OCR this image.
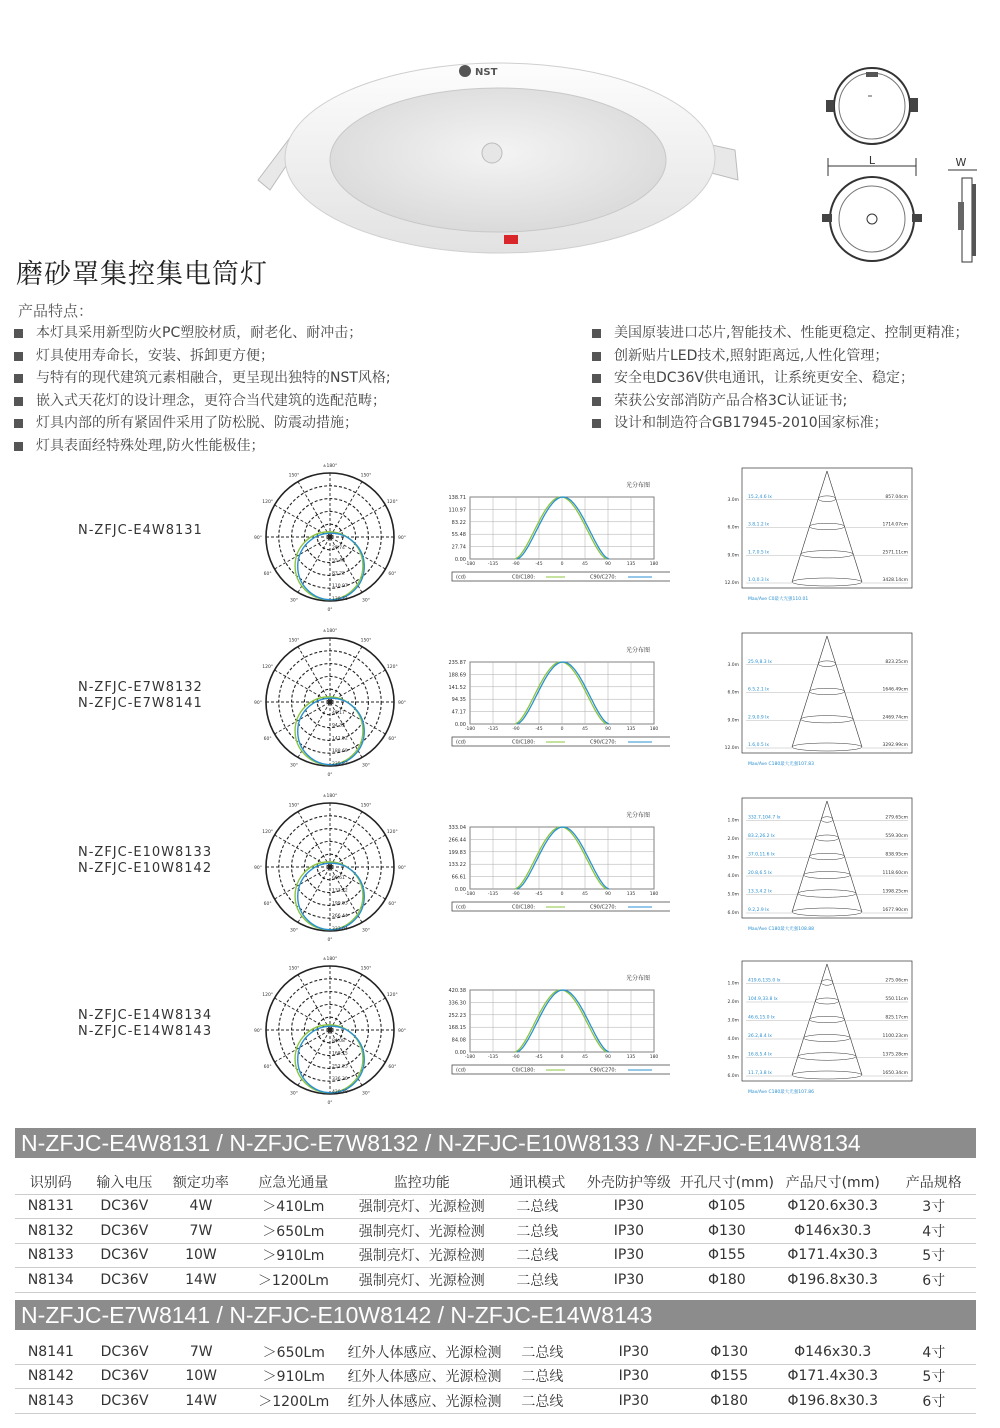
NST
L	W
磨砂罩集控集电筒灯
产品特点：
本灯具采用新型防火PC塑胶材质，耐老化、耐冲击；
灯具使用寿命长，安装、拆卸更方便；
与特有的现代建筑元素相融合，更呈现出独特的NST风格;
嵌入式天花灯的设计理念，更符合当代建筑的选配范畴；
灯具内部的所有紧固件采用了防松脱、防震动措施；
灯具表面经特殊处理,防火性能极佳；
美国原装进口芯片,智能技术、性能更稳定、控制更精准；
创新贴片LED技术,照射距离远,人性化管理；
安全电DC36V供电通讯，让系统更安全、稳定；
荣获公安部消防产品合格3C认证证书;
设计和制造符合GB17945-2010国家标准；
N-ZFJC-E4W8131
±180°
150°	150°
120°	120°
90°	90°
60°	60°
30°	30°
0°
27.74
55.48
83.22
110.97
138.71
光分布图
-180	-135	-90	-45	0	45	90	135	180
138.71
110.97
83.22
55.48
27.74
0.00
(cd)	C0/C180:	C90/C270:
3.0m
15.2,4.6 lx	857.04cm
6.0m
3.8,1.2 lx	1714.07cm
9.0m
1.7,0.5 lx	2571.11cm
12.0m
1.0,0.3 lx	3428.14cm
Max/Ave C0最大光强110.01
N-ZFJC-E7W8132
N-ZFJC-E7W8141
±180°
150°	150°
120°	120°
90°	90°
60°	60°
30°	30°
0°
47.17
94.35
141.52
188.69
235.87
光分布图
-180	-135	-90	-45	0	45	90	135	180
235.87
188.69
141.52
94.35
47.17
0.00
(cd)	C0/C180:	C90/C270:
3.0m
25.9,8.3 lx	823.25cm
6.0m
6.5,2.1 lx	1646.49cm
9.0m
2.9,0.9 lx	2469.74cm
12.0m
1.6,0.5 lx	3292.99cm
Max/Ave C180最大光强107.83
N-ZFJC-E10W8133
N-ZFJC-E10W8142
±180°
150°	150°
120°	120°
90°	90°
60°	60°
30°	30°
0°
66.61
133.22
199.83
266.44
333.04
光分布图
-180	-135	-90	-45	0	45	90	135	180
333.04
266.44
199.83
133.22
66.61
0.00
(cd)	C0/C180:	C90/C270:
1.0m
332.7,104.7 lx	279.65cm
2.0m
83.2,26.2 lx	559.30cm
3.0m
37.0,11.6 lx	838.95cm
4.0m
20.8,6.5 lx	1118.60cm
5.0m
13.3,4.2 lx	1398.25cm
6.0m
9.2,2.9 lx	1677.90cm
Max/Ave C180最大光强108.88
N-ZFJC-E14W8134
N-ZFJC-E14W8143
±180°
150°	150°
120°	120°
90°	90°
60°	60°
30°	30°
0°
84.08
168.15
252.23
336.30
420.38
光分布图
-180	-135	-90	-45	0	45	90	135	180
420.38
336.30
252.23
168.15
84.08
0.00
(cd)	C0/C180:	C90/C270:
1.0m
419.6,135.0 lx	275.06cm
2.0m
104.9,33.8 lx	550.11cm
3.0m
46.6,15.0 lx	825.17cm
4.0m
26.2,8.4 lx	1100.23cm
5.0m
16.8,5.4 lx	1375.28cm
6.0m
11.7,3.8 lx	1650.34cm
Max/Ave C180最大光强107.86
N-ZFJC-E4W8131 / N-ZFJC-E7W8132 / N-ZFJC-E10W8133 / N-ZFJC-E14W8134
识别码	输入电压	额定功率	应急光通量	监控功能	通讯模式	外壳防护等级	开孔尺寸(mm)	产品尺寸(mm)	产品规格
N8131	DC36V	4W	＞410Lm	强制亮灯、光源检测	二总线	IP30	Φ105	Φ120.6x30.3	3寸
N8132	DC36V	7W	＞650Lm	强制亮灯、光源检测	二总线	IP30	Φ130	Φ146x30.3	4寸
N8133	DC36V	10W	＞910Lm	强制亮灯、光源检测	二总线	IP30	Φ155	Φ171.4x30.3	5寸
N8134	DC36V	14W	＞1200Lm	强制亮灯、光源检测	二总线	IP30	Φ180	Φ196.8x30.3	6寸
N-ZFJC-E7W8141 / N-ZFJC-E10W8142 / N-ZFJC-E14W8143
N8141	DC36V	7W	＞650Lm	红外人体感应、光源检测	二总线	IP30	Φ130	Φ146x30.3	4寸
N8142	DC36V	10W	＞910Lm	红外人体感应、光源检测	二总线	IP30	Φ155	Φ171.4x30.3	5寸
N8143	DC36V	14W	＞1200Lm	红外人体感应、光源检测	二总线	IP30	Φ180	Φ196.8x30.3	6寸
